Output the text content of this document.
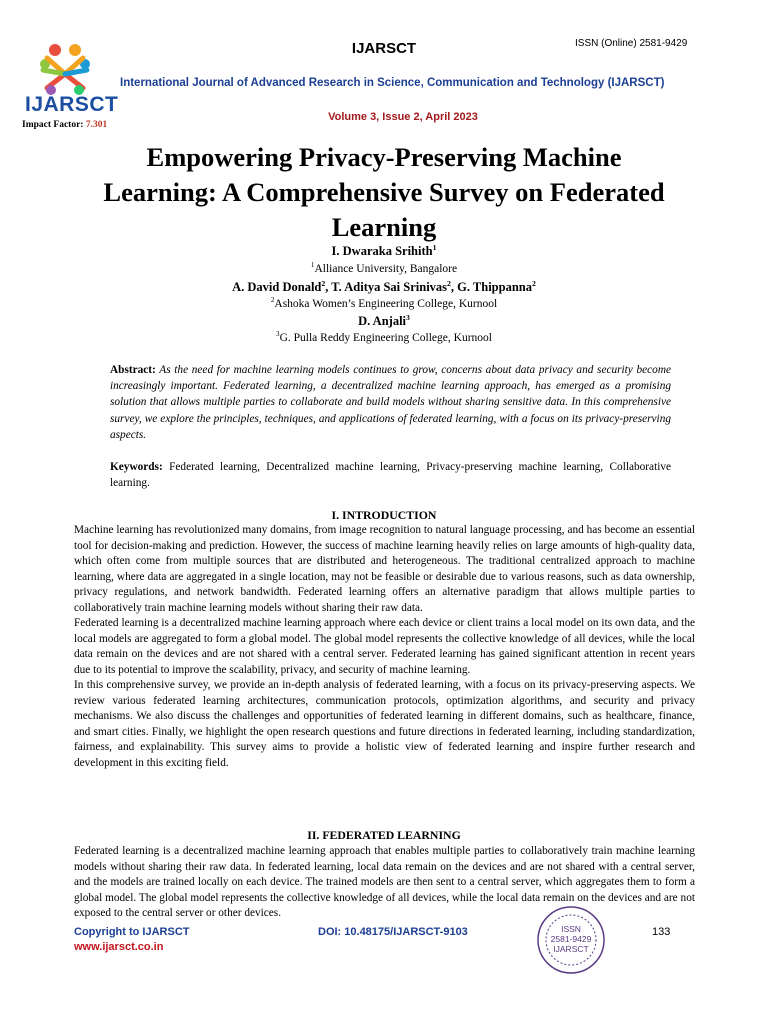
IJARSCT
IJARSCT	ISSN (Online) 2581-9429
International Journal of Advanced Research in Science, Communication and Technology (IJARSCT)
Volume 3, Issue 2, April 2023
Impact Factor: 7.301
Empowering Privacy-Preserving Machine Learning: A Comprehensive Survey on Federated Learning
I. Dwaraka Srihith$^1$
$^1$Alliance University, Bangalore
A. David Donald$^2$, T. Aditya Sai Srinivas$^2$, G. Thippanna$^2$
$^2$Ashoka Women’s Engineering College, Kurnool
D. Anjali$^3$
$^3$G. Pulla Reddy Engineering College, Kurnool
Abstract: As the need for machine learning models continues to grow, concerns about data privacy and security become increasingly important. Federated learning, a decentralized machine learning approach, has emerged as a promising solution that allows multiple parties to collaborate and build models without sharing sensitive data. In this comprehensive survey, we explore the principles, techniques, and applications of federated learning, with a focus on its privacy-preserving aspects.
Keywords: Federated learning, Decentralized machine learning, Privacy-preserving machine learning, Collaborative learning.
I. INTRODUCTION

Machine learning has revolutionized many domains, from image recognition to natural language processing, and has become an essential tool for decision-making and prediction. However, the success of machine learning heavily relies on large amounts of high-quality data, which often come from multiple sources that are distributed and heterogeneous. The traditional centralized approach to machine learning, where data are aggregated in a single location, may not be feasible or desirable due to various reasons, such as data ownership, privacy regulations, and network bandwidth. Federated learning offers an alternative paradigm that allows multiple parties to collaboratively train machine learning models without sharing their raw data.

Federated learning is a decentralized machine learning approach where each device or client trains a local model on its own data, and the local models are aggregated to form a global model. The global model represents the collective knowledge of all devices, while the local data remain on the devices and are not shared with a central server. Federated learning has gained significant attention in recent years due to its potential to improve the scalability, privacy, and security of machine learning.

In this comprehensive survey, we provide an in-depth analysis of federated learning, with a focus on its privacy-preserving aspects. We review various federated learning architectures, communication protocols, optimization algorithms, and security and privacy mechanisms. We also discuss the challenges and opportunities of federated learning in different domains, such as healthcare, finance, and smart cities. Finally, we highlight the open research questions and future directions in federated learning, including standardization, fairness, and explainability. This survey aims to provide a holistic view of federated learning and inspire further research and development in this exciting field.

II. FEDERATED LEARNING

Federated learning is a decentralized machine learning approach that enables multiple parties to collaboratively train machine learning models without sharing their raw data. In federated learning, local data remain on the devices and are not shared with a central server, and the models are trained locally on each device. The trained models are then sent to a central server, which aggregates them to form a global model. The global model represents the collective knowledge of all devices, while the local data remain on the devices and are not exposed to the central server or other devices.

ISSN
2581-9429
IJARSCT
Copyright to IJARSCT
www.ijarsct.co.in
DOI: 10.48175/IJARSCT-9103	133
